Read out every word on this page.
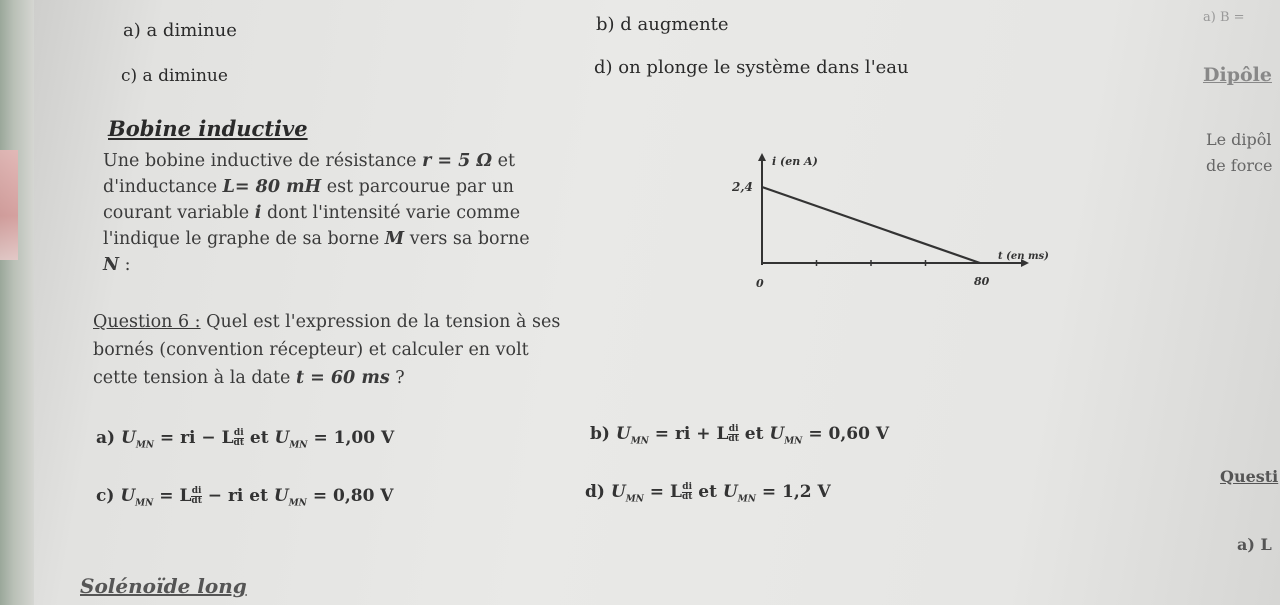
a) a diminue	b) d augmente
c) a diminue	d) on plonge le système dans l'eau
Bobine inductive
Une bobine inductive de résistance r = 5 Ω et d'inductance L= 80 mH est parcourue par un courant variable i dont l'intensité varie comme l'indique le graphe de sa borne M vers sa borne N :
i (en A)
2,4
0	80
t (en ms)
Question 6 : Quel est l'expression de la tension à ses bornés (convention récepteur) et calculer en volt cette tension à la date t = 60 ms ?
a) $U_{MN}$ = ri − L $\frac{di}{dt}$ et $U_{MN} = 1,00$ V	b) $U_{MN}$ = ri + L $\frac{di}{dt}$ et $U_{MN} = 0,60$ V
c) $U_{MN} = L \frac{di}{dt}$ − ri et $U_{MN} = 0,80$ V	d) $U_{MN} = L \frac{di}{dt}$ et $U_{MN} = 1,2$ V
Solénoïde long
a) B =
Dipôle
Le dipôl
de force
Questi
a) L
